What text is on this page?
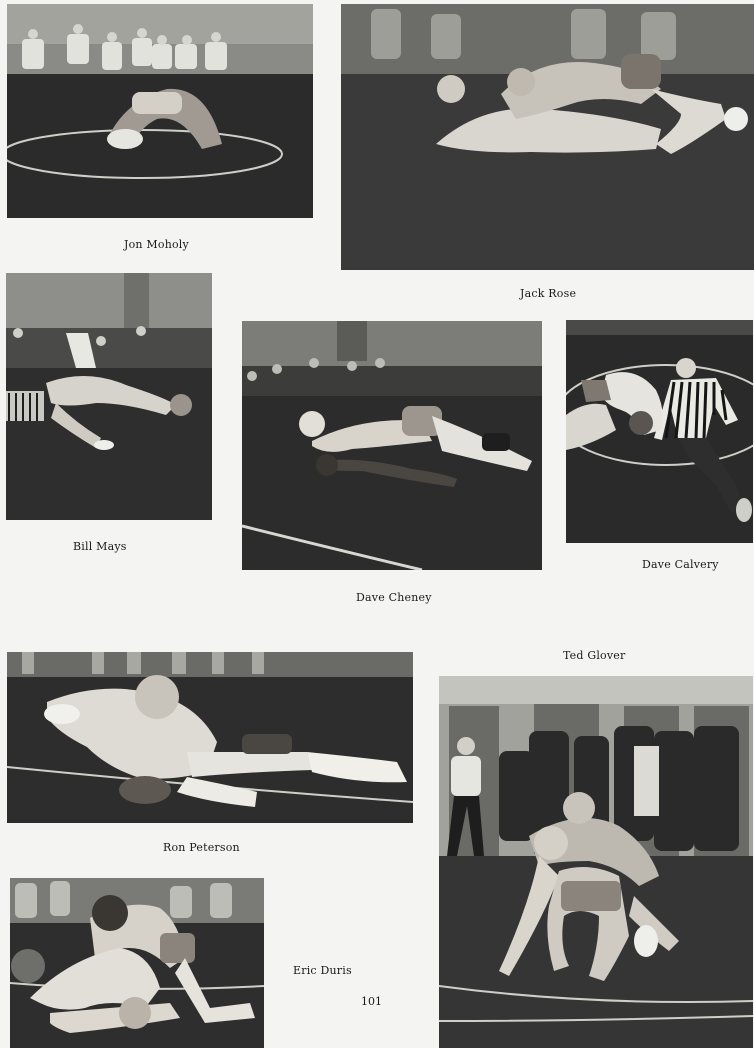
Jon Moholy
Jack Rose
Bill Mays
Dave Cheney
Dave Calvery
Ted Glover
Ron Peterson
Eric Duris
101
